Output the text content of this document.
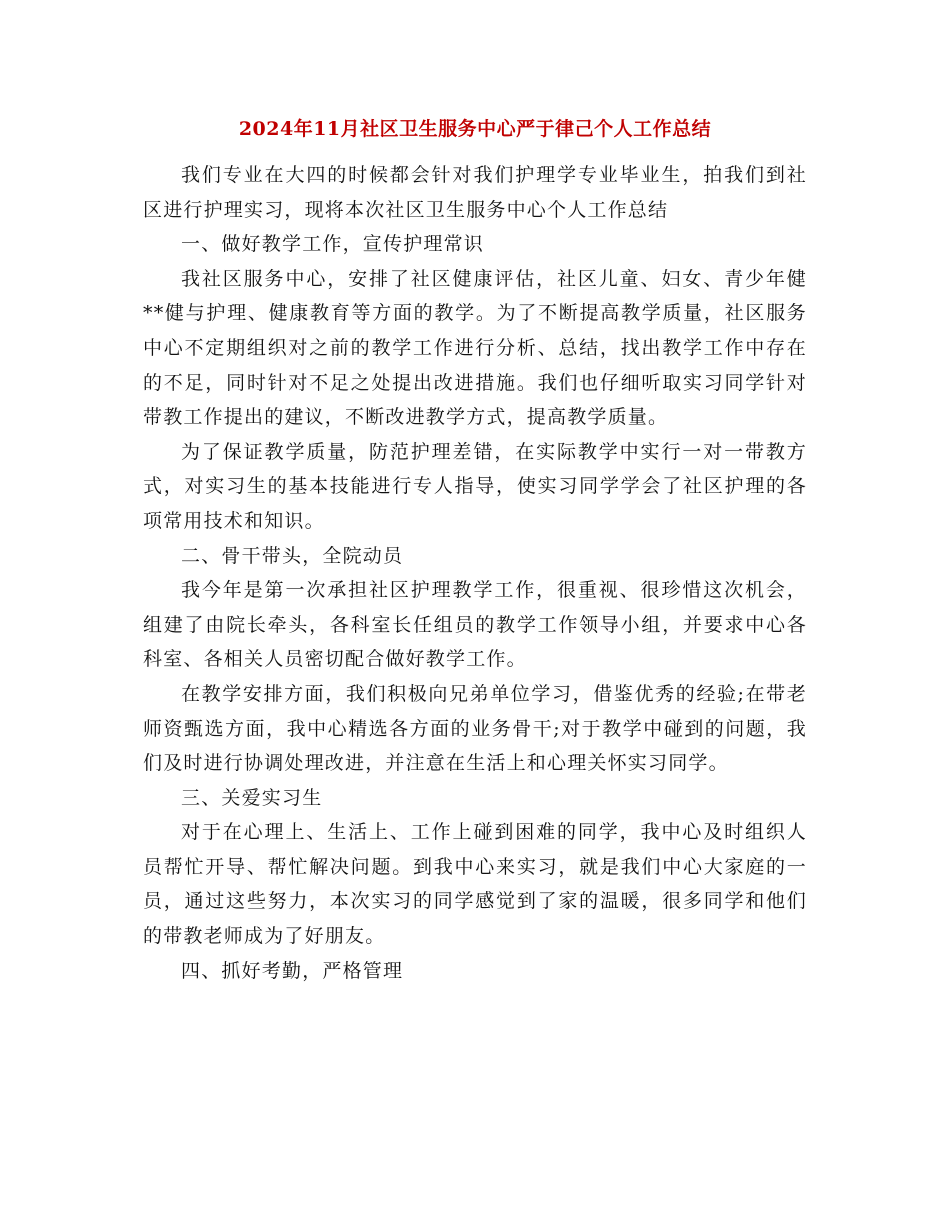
2024年11月社区卫生服务中心严于律己个人工作总结

我们专业在大四的时候都会针对我们护理学专业毕业生，拍我们到社区进行护理实习，现将本次社区卫生服务中心个人工作总结

一、做好教学工作，宣传护理常识

我社区服务中心，安排了社区健康评估，社区儿童、妇女、青少年健**健与护理、健康教育等方面的教学。为了不断提高教学质量，社区服务中心不定期组织对之前的教学工作进行分析、总结，找出教学工作中存在的不足，同时针对不足之处提出改进措施。我们也仔细听取实习同学针对带教工作提出的建议，不断改进教学方式，提高教学质量。

为了保证教学质量，防范护理差错，在实际教学中实行一对一带教方式，对实习生的基本技能进行专人指导，使实习同学学会了社区护理的各项常用技术和知识。

二、骨干带头，全院动员

我今年是第一次承担社区护理教学工作，很重视、很珍惜这次机会，组建了由院长牵头，各科室长任组员的教学工作领导小组，并要求中心各科室、各相关人员密切配合做好教学工作。

在教学安排方面，我们积极向兄弟单位学习，借鉴优秀的经验;在带老师资甄选方面，我中心精选各方面的业务骨干;对于教学中碰到的问题，我们及时进行协调处理改进，并注意在生活上和心理关怀实习同学。

三、关爱实习生

对于在心理上、生活上、工作上碰到困难的同学，我中心及时组织人员帮忙开导、帮忙解决问题。到我中心来实习，就是我们中心大家庭的一员，通过这些努力，本次实习的同学感觉到了家的温暖，很多同学和他们的带教老师成为了好朋友。

四、抓好考勤，严格管理
